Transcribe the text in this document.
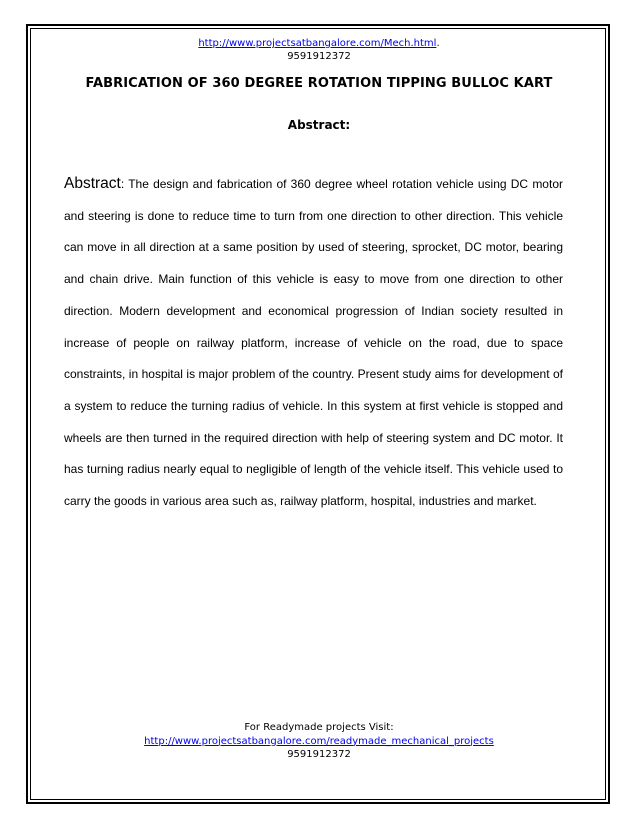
http://www.projectsatbangalore.com/Mech.html.
9591912372
FABRICATION OF 360 DEGREE ROTATION TIPPING BULLOC KART
Abstract:
Abstract: The design and fabrication of 360 degree wheel rotation vehicle using DC motor and steering is done to reduce time to turn from one direction to other direction. This vehicle can move in all direction at a same position by used of steering, sprocket, DC motor, bearing and chain drive. Main function of this vehicle is easy to move from one direction to other direction. Modern development and economical progression of Indian society resulted in increase of people on railway platform, increase of vehicle on the road, due to space constraints, in hospital is major problem of the country. Present study aims for development of a system to reduce the turning radius of vehicle. In this system at first vehicle is stopped and wheels are then turned in the required direction with help of steering system and DC motor. It has turning radius nearly equal to negligible of length of the vehicle itself. This vehicle used to carry the goods in various area such as, railway platform, hospital, industries and market.
For Readymade projects Visit:
http://www.projectsatbangalore.com/readymade_mechanical_projects
9591912372
